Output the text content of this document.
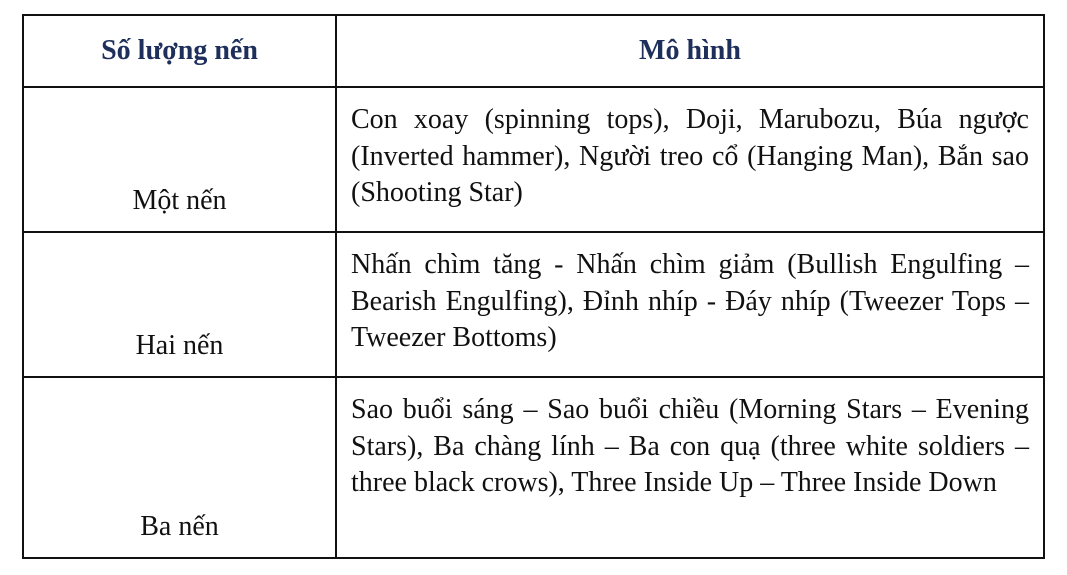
Số lượng nến	Mô hình
Một nến
Con xoay (spinning tops), Doji, Marubozu, Búa ngược (Inverted hammer), Người treo cổ (Hanging Man), Bắn sao (Shooting Star)
Hai nến
Nhấn chìm tăng - Nhấn chìm giảm (Bullish Engulfing – Bearish Engulfing), Đỉnh nhíp - Đáy nhíp (Tweezer Tops – Tweezer Bottoms)
Ba nến
Sao buổi sáng – Sao buổi chiều (Morning Stars – Evening Stars), Ba chàng lính – Ba con quạ (three white soldiers – three black crows), Three Inside Up – Three Inside Down
